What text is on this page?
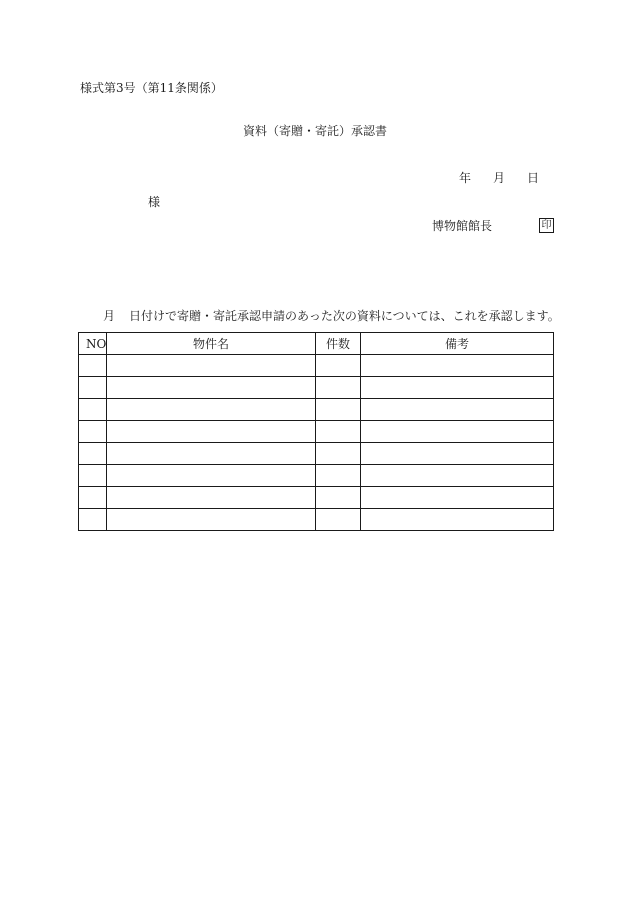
様式第3号（第11条関係）
資料（寄贈・寄託）承認書
年 月 日
様
博物館館長	印
月 日付けで寄贈・寄託承認申請のあった次の資料については、これを承認します。
NO	物件名	件数	備考
